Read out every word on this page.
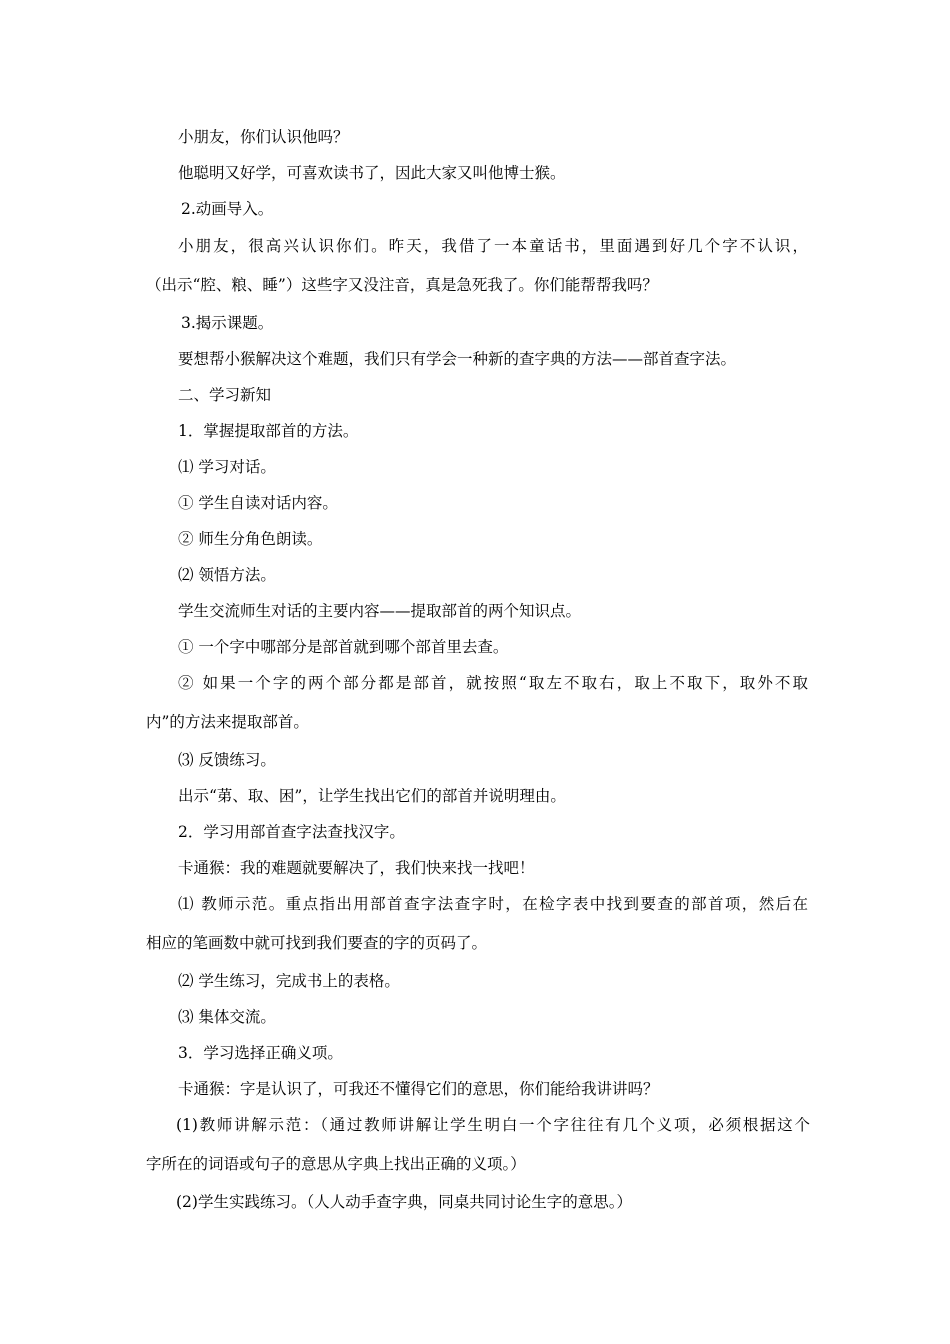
小朋友，你们认识他吗？
他聪明又好学，可喜欢读书了，因此大家又叫他博士猴。
2.动画导入。
小朋友，很高兴认识你们。昨天，我借了一本童话书，里面遇到好几个字不认识，
（出示“腔、粮、睡”）这些字又没注音，真是急死我了。你们能帮帮我吗？
3.揭示课题。
要想帮小猴解决这个难题，我们只有学会一种新的查字典的方法——部首查字法。
二、学习新知
1．掌握提取部首的方法。
⑴ 学习对话。
① 学生自读对话内容。
② 师生分角色朗读。
⑵ 领悟方法。
学生交流师生对话的主要内容——提取部首的两个知识点。
① 一个字中哪部分是部首就到哪个部首里去查。
② 如果一个字的两个部分都是部首，就按照“取左不取右，取上不取下，取外不取
内”的方法来提取部首。
⑶ 反馈练习。
出示“苐、取、困”，让学生找出它们的部首并说明理由。
2．学习用部首查字法查找汉字。
卡通猴：我的难题就要解决了，我们快来找一找吧！
⑴ 教师示范。重点指出用部首查字法查字时，在检字表中找到要查的部首项，然后在
相应的笔画数中就可找到我们要查的字的页码了。
⑵ 学生练习，完成书上的表格。
⑶ 集体交流。
3．学习选择正确义项。
卡通猴：字是认识了，可我还不懂得它们的意思，你们能给我讲讲吗？
(1)教师讲解示范：（通过教师讲解让学生明白一个字往往有几个义项，必须根据这个
字所在的词语或句子的意思从字典上找出正确的义项。）
(2)学生实践练习。（人人动手查字典，同桌共同讨论生字的意思。）
